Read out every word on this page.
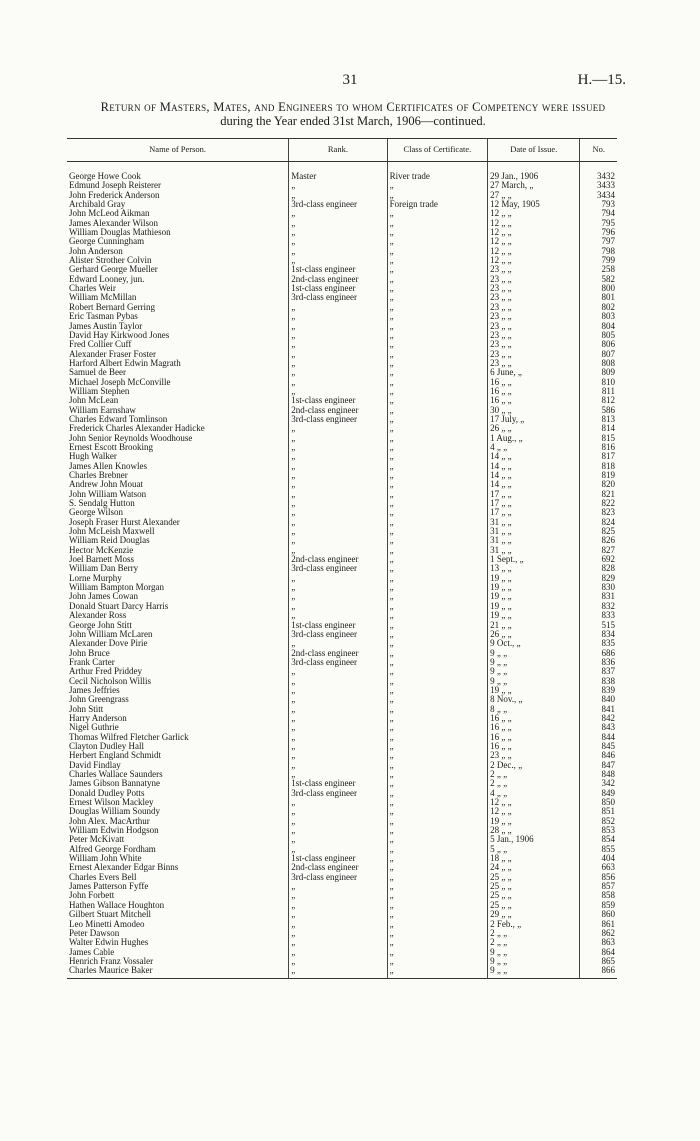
31	H.—15.
Return of Masters, Mates, and Engineers to whom Certificates of Competency were issued
during the Year ended 31st March, 1906—continued.
Name of Person.	Rank.	Class of Certificate.	Date of Issue.	No.
George Howe Cook	Master	River trade	29 Jan., 1906	3432
Edmund Joseph Reisterer	„	„	27 March, „	3433
John Frederick Anderson	„	„	27 „ „	3434
Archibald Gray	3rd-class engineer	Foreign trade	12 May, 1905	793
John McLeod Aikman	„	„	12 „ „	794
James Alexander Wilson	„	„	12 „ „	795
William Douglas Mathieson	„	„	12 „ „	796
George Cunningham	„	„	12 „ „	797
John Anderson	„	„	12 „ „	798
Alister Strother Colvin	„	„	12 „ „	799
Gerhard George Mueller	1st-class engineer	„	23 „ „	258
Edward Looney, jun.	2nd-class engineer	„	23 „ „	582
Charles Weir	1st-class engineer	„	23 „ „	800
William McMillan	3rd-class engineer	„	23 „ „	801
Robert Bernard Gerring	„	„	23 „ „	802
Eric Tasman Pybas	„	„	23 „ „	803
James Austin Taylor	„	„	23 „ „	804
David Hay Kirkwood Jones	„	„	23 „ „	805
Fred Collier Cuff	„	„	23 „ „	806
Alexander Fraser Foster	„	„	23 „ „	807
Harford Albert Edwin Magrath	„	„	23 „ „	808
Samuel de Beer	„	„	6 June, „	809
Michael Joseph McConville	„	„	16 „ „	810
William Stephen	„	„	16 „ „	811
John McLean	1st-class engineer	„	16 „ „	812
William Earnshaw	2nd-class engineer	„	30 „ „	586
Charles Edward Tomlinson	3rd-class engineer	„	17 July, „	813
Frederick Charles Alexander Hadicke	„	„	26 „ „	814
John Senior Reynolds Woodhouse	„	„	1 Aug., „	815
Ernest Escott Brooking	„	„	4 „ „	816
Hugh Walker	„	„	14 „ „	817
James Allen Knowles	„	„	14 „ „	818
Charles Brebner	„	„	14 „ „	819
Andrew John Mouat	„	„	14 „ „	820
John William Watson	„	„	17 „ „	821
S. Sendalg Hutton	„	„	17 „ „	822
George Wilson	„	„	17 „ „	823
Joseph Fraser Hurst Alexander	„	„	31 „ „	824
John McLeish Maxwell	„	„	31 „ „	825
William Reid Douglas	„	„	31 „ „	826
Hector McKenzie	„	„	31 „ „	827
Joel Barnett Moss	2nd-class engineer	„	1 Sept., „	692
William Dan Berry	3rd-class engineer	„	13 „ „	828
Lorne Murphy	„	„	19 „ „	829
William Bampton Morgan	„	„	19 „ „	830
John James Cowan	„	„	19 „ „	831
Donald Stuart Darcy Harris	„	„	19 „ „	832
Alexander Ross	„	„	19 „ „	833
George John Stitt	1st-class engineer	„	21 „ „	515
John William McLaren	3rd-class engineer	„	26 „ „	834
Alexander Dove Pirie	„	„	9 Oct., „	835
John Bruce	2nd-class engineer	„	9 „ „	686
Frank Carter	3rd-class engineer	„	9 „ „	836
Arthur Fred Priddey	„	„	9 „ „	837
Cecil Nicholson Willis	„	„	9 „ „	838
James Jeffries	„	„	19 „ „	839
John Greengrass	„	„	8 Nov., „	840
John Stitt	„	„	8 „ „	841
Harry Anderson	„	„	16 „ „	842
Nigel Guthrie	„	„	16 „ „	843
Thomas Wilfred Fletcher Garlick	„	„	16 „ „	844
Clayton Dudley Hall	„	„	16 „ „	845
Herbert England Schmidt	„	„	23 „ „	846
David Findlay	„	„	2 Dec., „	847
Charles Wallace Saunders	„	„	2 „ „	848
James Gibson Bannatyne	1st-class engineer	„	2 „ „	342
Donald Dudley Potts	3rd-class engineer	„	4 „ „	849
Ernest Wilson Mackley	„	„	12 „ „	850
Douglas William Soundy	„	„	12 „ „	851
John Alex. MacArthur	„	„	19 „ „	852
William Edwin Hodgson	„	„	28 „ „	853
Peter McKivatt	„	„	5 Jan., 1906	854
Alfred George Fordham	„	„	5 „ „	855
William John White	1st-class engineer	„	18 „ „	404
Ernest Alexander Edgar Binns	2nd-class engineer	„	24 „ „	663
Charles Evers Bell	3rd-class engineer	„	25 „ „	856
James Patterson Fyffe	„	„	25 „ „	857
John Forbett	„	„	25 „ „	858
Hathen Wallace Houghton	„	„	25 „ „	859
Gilbert Stuart Mitchell	„	„	29 „ „	860
Leo Minetti Amodeo	„	„	2 Feb., „	861
Peter Dawson	„	„	2 „ „	862
Walter Edwin Hughes	„	„	2 „ „	863
James Cable	„	„	9 „ „	864
Henrich Franz Vossaler	„	„	9 „ „	865
Charles Maurice Baker	„	„	9 „ „	866
